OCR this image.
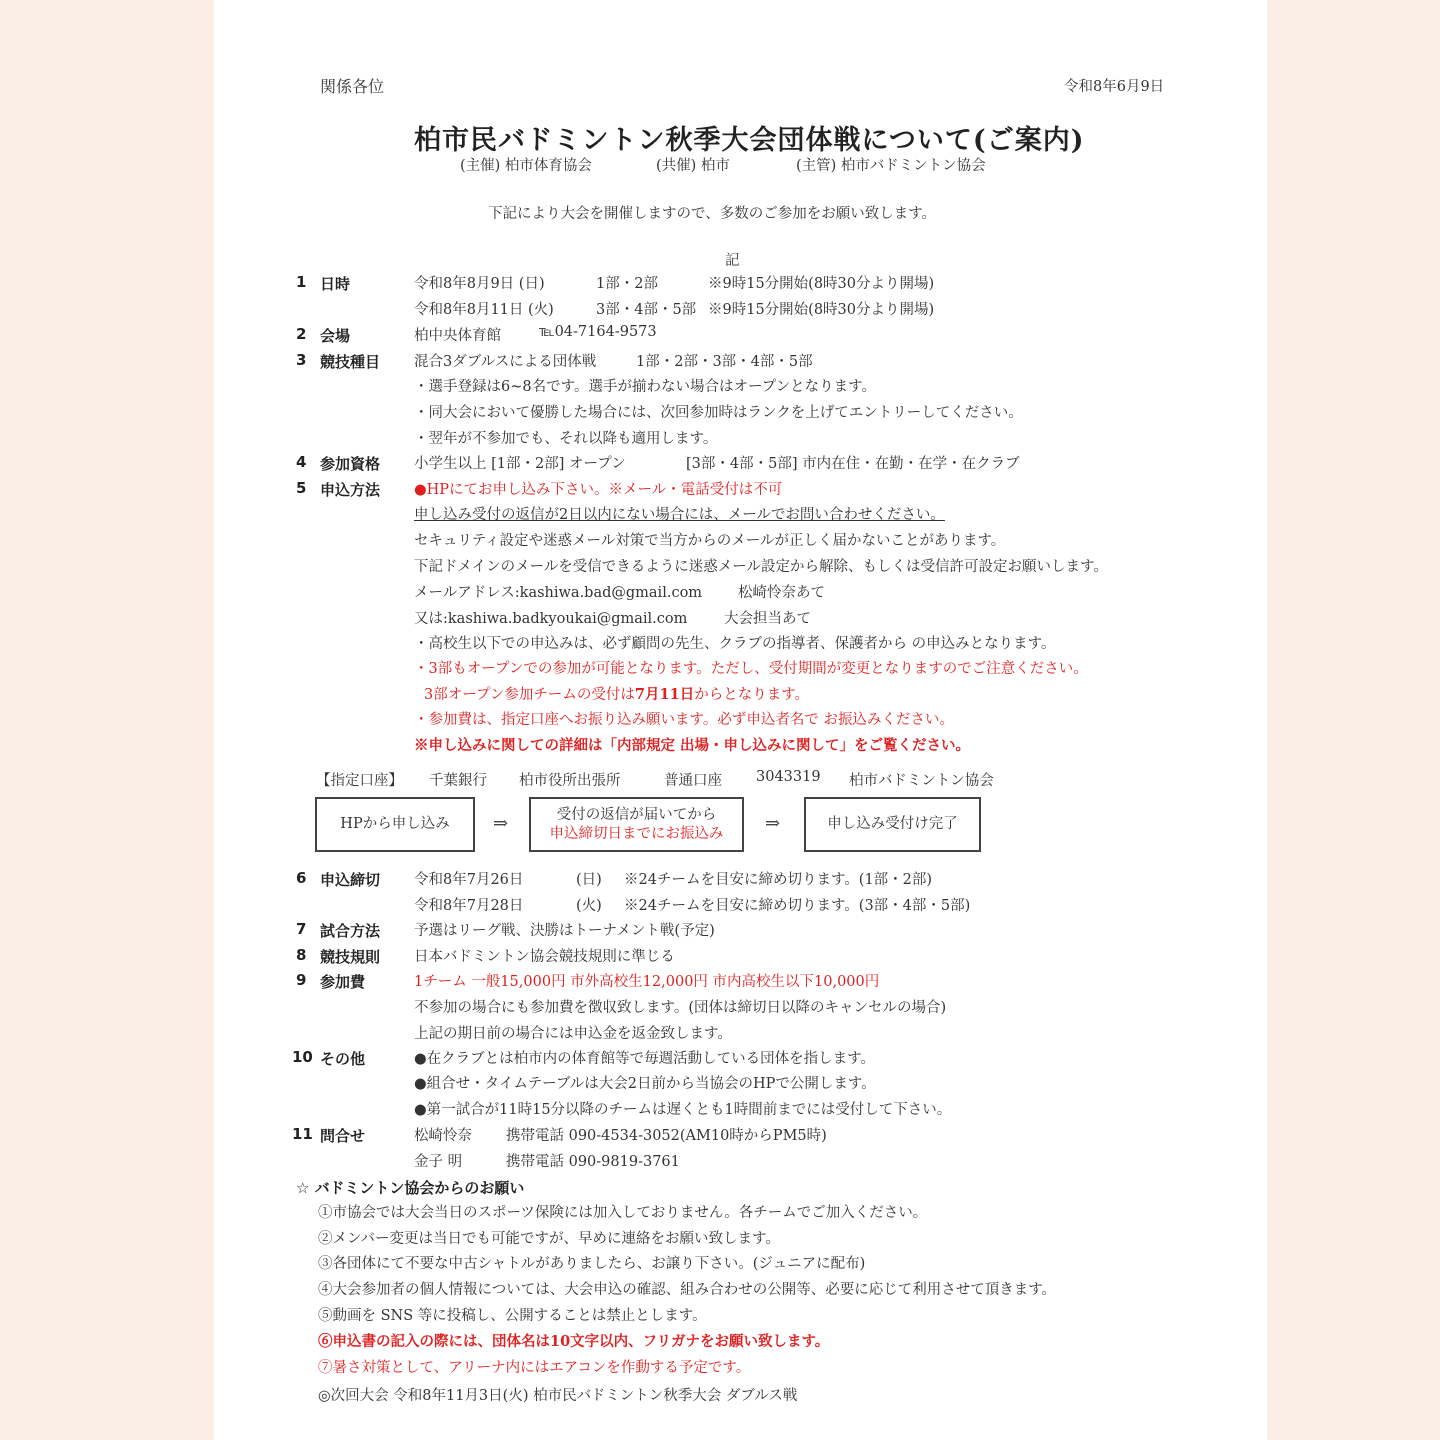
関係各位	令和8年6月9日
柏市民バドミントン秋季大会団体戦について(ご案内)
(主催) 柏市体育協会	(共催) 柏市	(主管) 柏市バドミントン協会
下記により大会を開催しますので、多数のご参加をお願い致します。
記
1 日時	令和8年8月9日 (日)	1部・2部	※9時15分開始(8時30分より開場)
令和8年8月11日 (火)	3部・4部・5部 ※9時15分開始(8時30分より開場)
2 会場	柏中央体育館	℡04-7164-9573
3 競技種目 混合3ダブルスによる団体戦	1部・2部・3部・4部・5部
・選手登録は6~8名です。選手が揃わない場合はオープンとなります。
・同大会において優勝した場合には、次回参加時はランクを上げてエントリーしてください。
・翌年が不参加でも、それ以降も適用します。
4 参加資格 小学生以上 [1部・2部] オープン	[3部・4部・5部] 市内在住・在勤・在学・在クラブ
5 申込方法 ●HPにてお申し込み下さい。※メール・電話受付は不可
申し込み受付の返信が2日以内にない場合には、メールでお問い合わせください。
セキュリティ設定や迷惑メール対策で当方からのメールが正しく届かないことがあります。
下記ドメインのメールを受信できるように迷惑メール設定から解除、もしくは受信許可設定お願いします。
メールアドレス:kashiwa.bad@gmail.com 松崎怜奈あて
又は:kashiwa.badkyoukai@gmail.com	大会担当あて
・高校生以下での申込みは、必ず顧問の先生、クラブの指導者、保護者から の申込みとなります。
・3部もオープンでの参加が可能となります。ただし、受付期間が変更となりますのでご注意ください。
3部オープン参加チームの受付は7月11日からとなります。
・参加費は、指定口座へお振り込み願います。必ず申込者名で お振込みください。
※申し込みに関しての詳細は「内部規定 出場・申し込みに関して」をご覧ください。
【指定口座】 千葉銀行 柏市役所出張所	普通口座 3043319 柏市バドミントン協会
HPから申し込み ⇒	受付の返信が届いてから
申込締切日までにお振込み ⇒	申し込み受付け完了
6 申込締切 令和8年7月26日	(日) ※24チームを目安に締め切ります。(1部・2部)
令和8年7月28日	(火) ※24チームを目安に締め切ります。(3部・4部・5部)
7 試合方法 予選はリーグ戦、決勝はトーナメント戦(予定)
8 競技規則 日本バドミントン協会競技規則に準じる
9 参加費	1チーム 一般15,000円 市外高校生12,000円 市内高校生以下10,000円
不参加の場合にも参加費を徴収致します。(団体は締切日以降のキャンセルの場合)
上記の期日前の場合には申込金を返金致します。
10 その他	●在クラブとは柏市内の体育館等で毎週活動している団体を指します。
●組合せ・タイムテーブルは大会2日前から当協会のHPで公開します。
●第一試合が11時15分以降のチームは遅くとも1時間前までには受付して下さい。
11 問合せ	松崎怜奈 携帯電話 090-4534-3052(AM10時からPM5時)
金子 明	携帯電話 090-9819-3761
☆ バドミントン協会からのお願い
①市協会では大会当日のスポーツ保険には加入しておりません。各チームでご加入ください。
②メンバー変更は当日でも可能ですが、早めに連絡をお願い致します。
③各団体にて不要な中古シャトルがありましたら、お譲り下さい。(ジュニアに配布)
④大会参加者の個人情報については、大会申込の確認、組み合わせの公開等、必要に応じて利用させて頂きます。
⑤動画を SNS 等に投稿し、公開することは禁止とします。
⑥申込書の記入の際には、団体名は10文字以内、フリガナをお願い致します。
⑦暑さ対策として、アリーナ内にはエアコンを作動する予定です。
◎次回大会 令和8年11月3日(火) 柏市民バドミントン秋季大会 ダブルス戦
